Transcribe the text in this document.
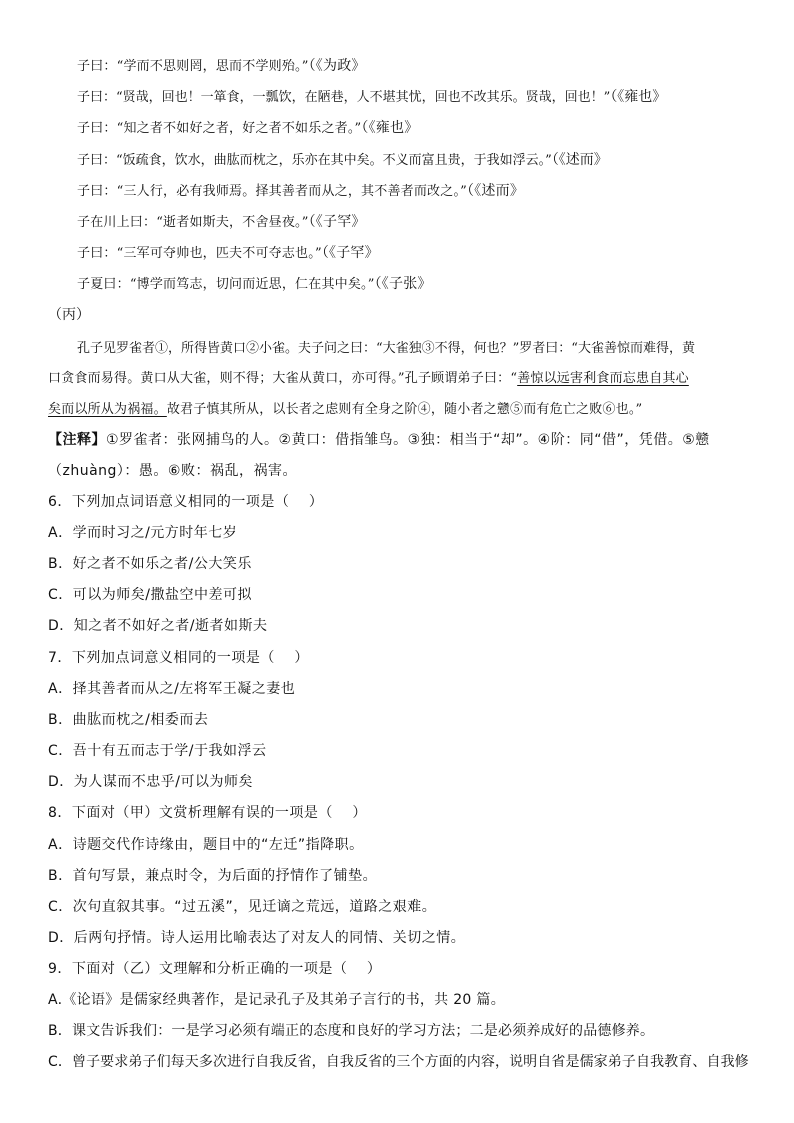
子曰：“学而不思则罔，思而不学则殆。”（《为政》
子曰：“贤哉，回也！一箪食，一瓢饮，在陋巷，人不堪其忧，回也不改其乐。贤哉，回也！”（《雍也》
子曰：“知之者不如好之者，好之者不如乐之者。”（《雍也》
子曰：“饭疏食，饮水，曲肱而枕之，乐亦在其中矣。不义而富且贵，于我如浮云。”（《述而》
子曰：“三人行，必有我师焉。择其善者而从之，其不善者而改之。”（《述而》
子在川上曰：“逝者如斯夫，不舍昼夜。”（《子罕》
子曰：“三军可夺帅也，匹夫不可夺志也。”（《子罕》
子夏曰：“博学而笃志，切问而近思，仁在其中矣。”（《子张》
（丙）
孔子见罗雀者①，所得皆黄口②小雀。夫子问之曰：“大雀独③不得，何也？”罗者曰：“大雀善惊而难得，黄
口贪食而易得。黄口从大雀，则不得；大雀从黄口，亦可得。”孔子顾谓弟子曰：“善惊以远害利食而忘患自其心
矣而以所从为祸福。故君子慎其所从，以长者之虑则有全身之阶④，随小者之戆⑤而有危亡之败⑥也。”
【注释】①罗雀者：张网捕鸟的人。②黄口：借指雏鸟。③独：相当于“却”。④阶：同“借”，凭借。⑤戆
（zhuàng）：愚。⑥败：祸乱，祸害。
6．下列加点词语意义相同的一项是（　 ）
A．学而时习之/元方时年七岁
B．好之者不如乐之者/公大笑乐
C．可以为师矣/撒盐空中差可拟
D．知之者不如好之者/逝者如斯夫
7．下列加点词意义相同的一项是（　 ）
A．择其善者而从之/左将军王凝之妻也
B．曲肱而枕之/相委而去
C．吾十有五而志于学/于我如浮云
D．为人谋而不忠乎/可以为师矣
8．下面对（甲）文赏析理解有误的一项是（　 ）
A．诗题交代作诗缘由，题目中的“左迁”指降职。
B．首句写景，兼点时令，为后面的抒情作了铺垫。
C．次句直叙其事。“过五溪”，见迁谪之荒远，道路之艰难。
D．后两句抒情。诗人运用比喻表达了对友人的同情、关切之情。
9．下面对（乙）文理解和分析正确的一项是（　 ）
A.《论语》是儒家经典著作，是记录孔子及其弟子言行的书，共 20 篇。
B．课文告诉我们：一是学习必须有端正的态度和良好的学习方法；二是必须养成好的品德修养。
C．曾子要求弟子们每天多次进行自我反省，自我反省的三个方面的内容，说明自省是儒家弟子自我教育、自我修
